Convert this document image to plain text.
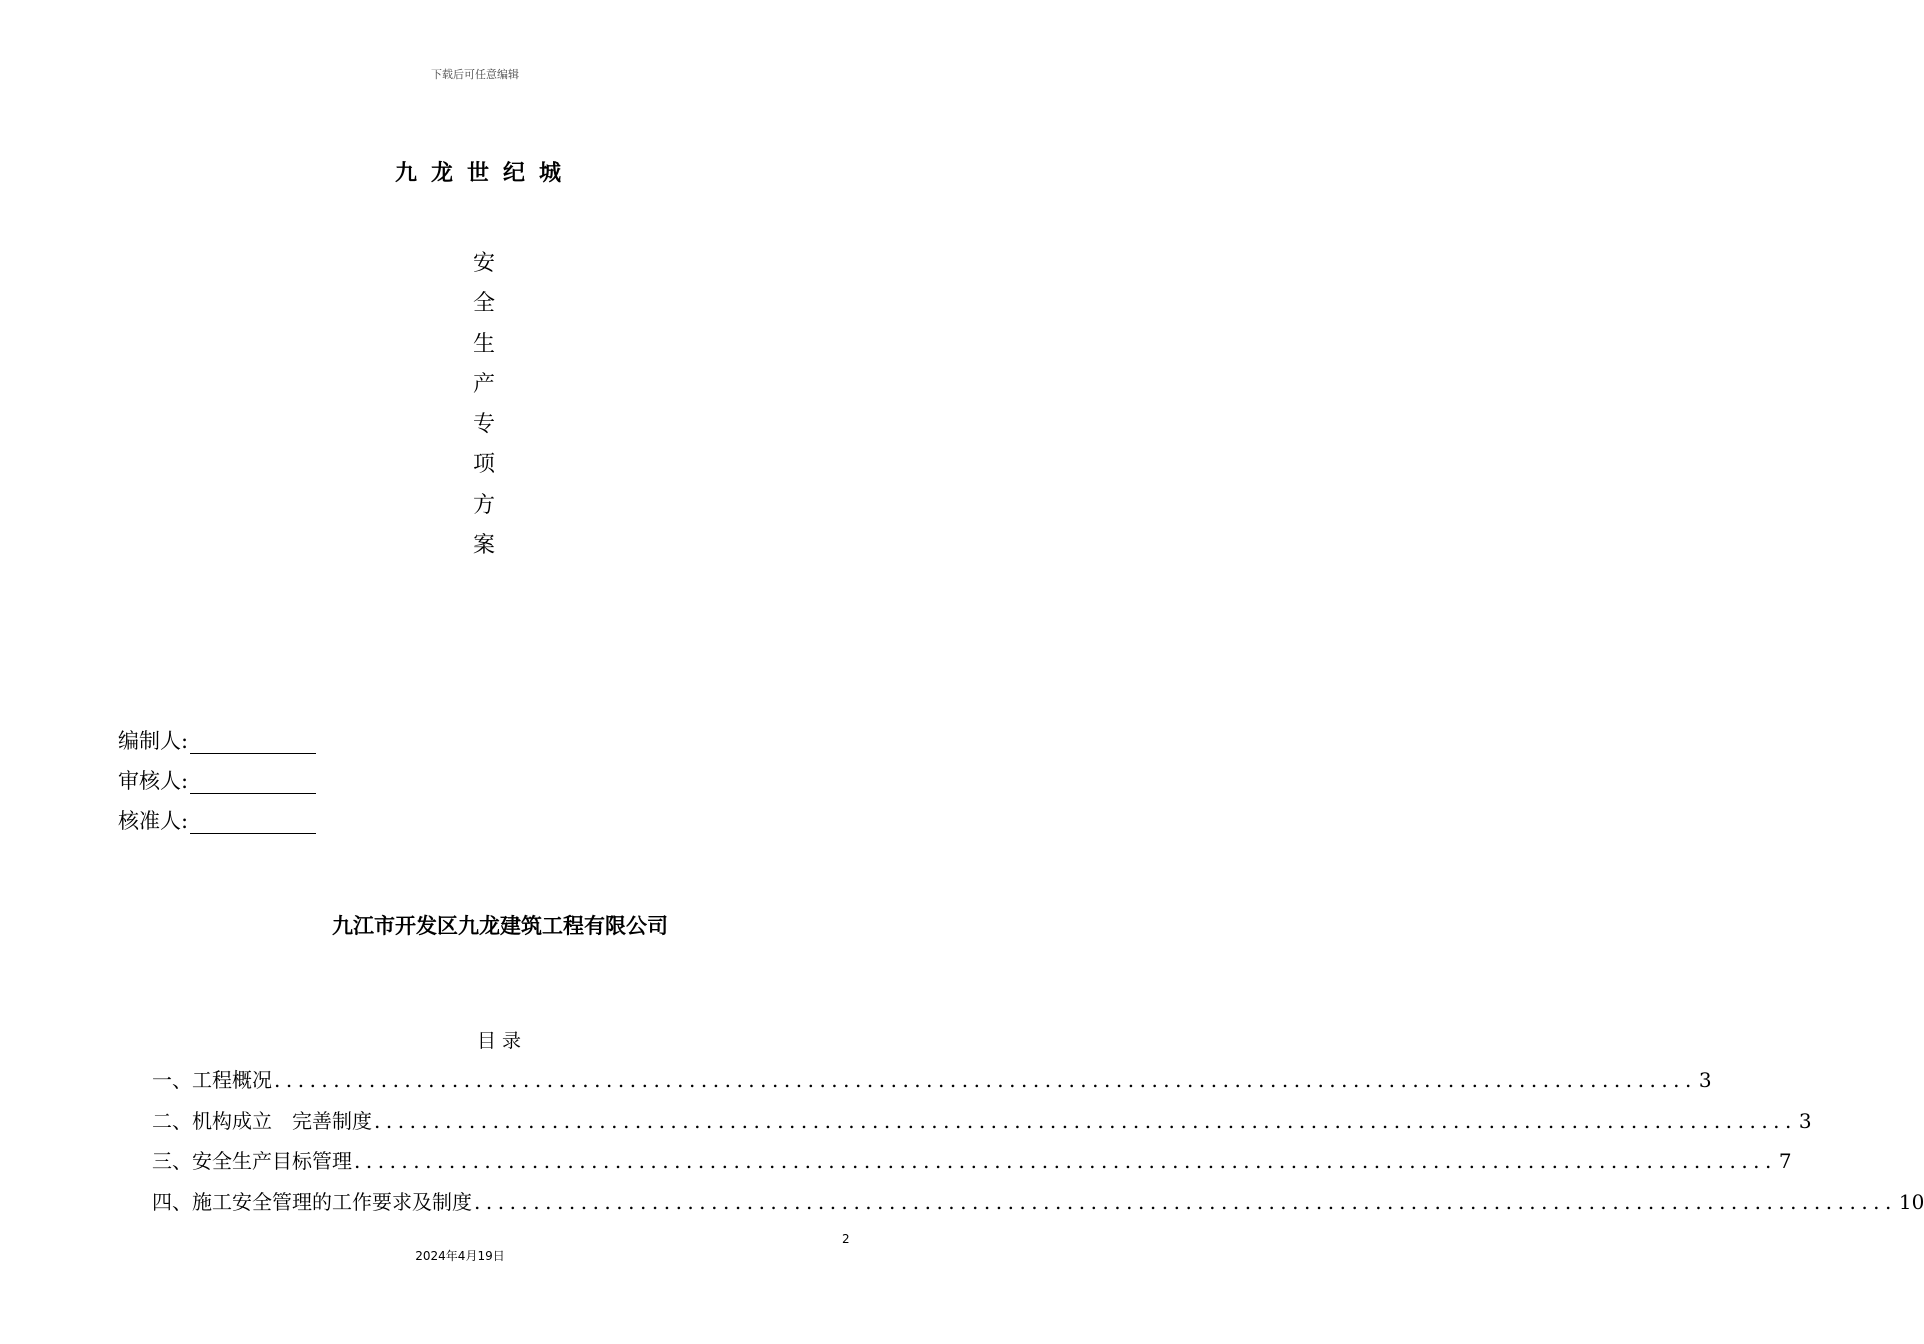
下载后可任意编辑
九龙世纪城
安
全
生
产
专
项
方
案
编制人:
审核人:
核准人:
九江市开发区九龙建筑工程有限公司
目录
一、工程概况 ........................................................................................................................ 3
二、机构成立　完善制度 ........................................................................................................................ 3
三、安全生产目标管理 ........................................................................................................................ 7
四、施工安全管理的工作要求及制度 ........................................................................................................................ 10
2
2024年4月19日
